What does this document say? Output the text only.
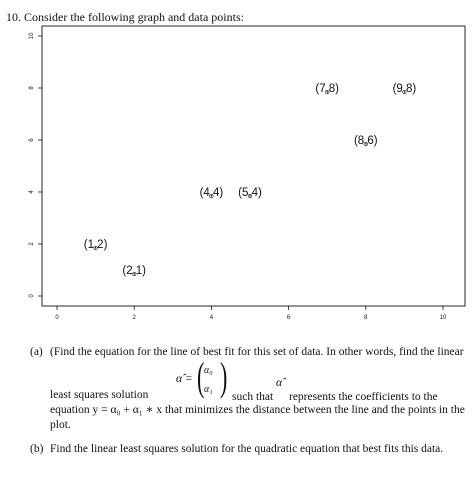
10. Consider the following graph and data points:
0	2	4	6	8	10
0
2
4
6
8
10
(1,2)
(2,1)
(4,4) (5,4)
(7,8)
(8,6)
(9,8)
(a) (Find the equation for the line of best fit for this set of data. In other words, find the linear
least squares solution
α̂ = ( α₀
α₁ ) such that
α̂
represents the coefficients to the
equation y = α₀ + α₁ ∗ x that minimizes the distance between the line and the points in the
plot.
(b) Find the linear least squares solution for the quadratic equation that best fits this data.
